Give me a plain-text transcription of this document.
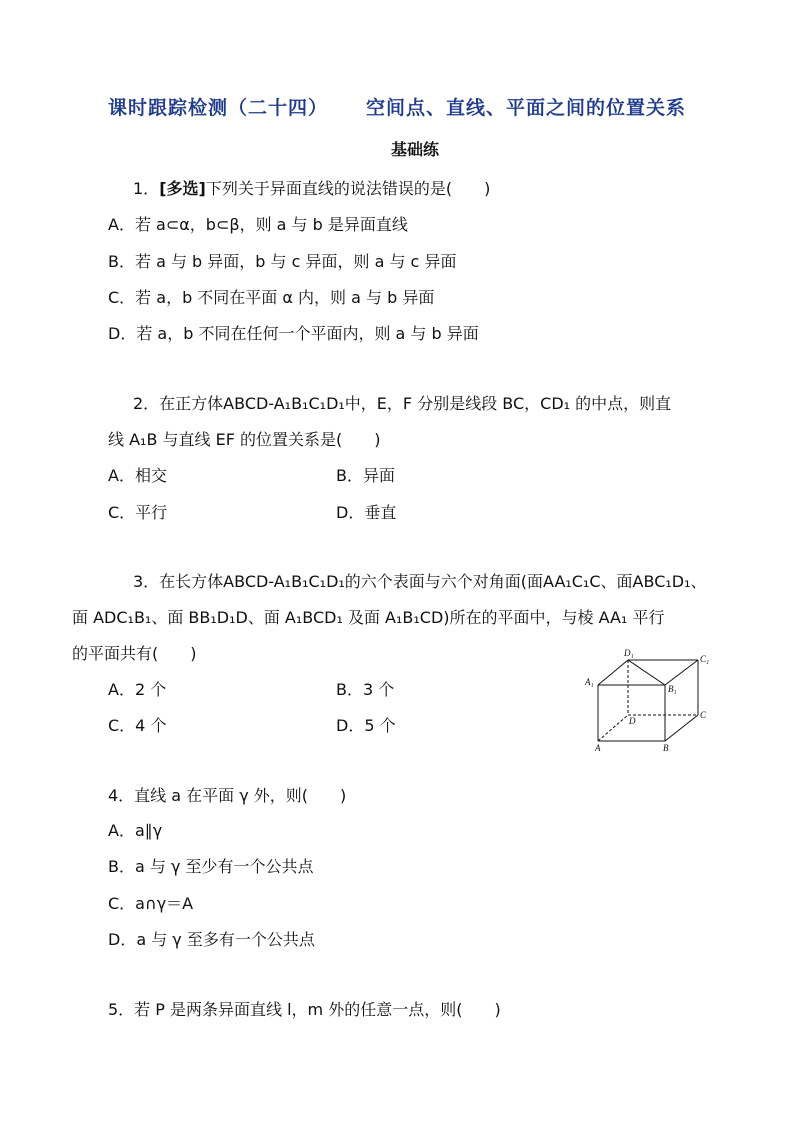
课时跟踪检测（二十四） 空间点、直线、平面之间的位置关系
基础练
1．[多选]下列关于异面直线的说法错误的是(　　)
A．若 a⊂α，b⊂β，则 a 与 b 是异面直线
B．若 a 与 b 异面，b 与 c 异面，则 a 与 c 异面
C．若 a，b 不同在平面 α 内，则 a 与 b 异面
D．若 a，b 不同在任何一个平面内，则 a 与 b 异面
2．在正方体ABCD-A₁B₁C₁D₁中，E，F 分别是线段 BC，CD₁ 的中点，则直
线 A₁B 与直线 EF 的位置关系是(　　)
A．相交	B．异面
C．平行	D．垂直
3．在长方体ABCD-A₁B₁C₁D₁的六个表面与六个对角面(面AA₁C₁C、面ABC₁D₁、
面 ADC₁B₁、面 BB₁D₁D、面 A₁BCD₁ 及面 A₁B₁CD)所在的平面中，与棱 AA₁ 平行
的平面共有(　　)
A．2 个	B．3 个
C．4 个	D．5 个
D₁
C₁
A₁
B₁
D
C
A	B
4．直线 a 在平面 γ 外，则(　　)
A．a∥γ
B．a 与 γ 至少有一个公共点
C．a∩γ＝A
D．a 与 γ 至多有一个公共点
5．若 P 是两条异面直线 l，m 外的任意一点，则(　　)
